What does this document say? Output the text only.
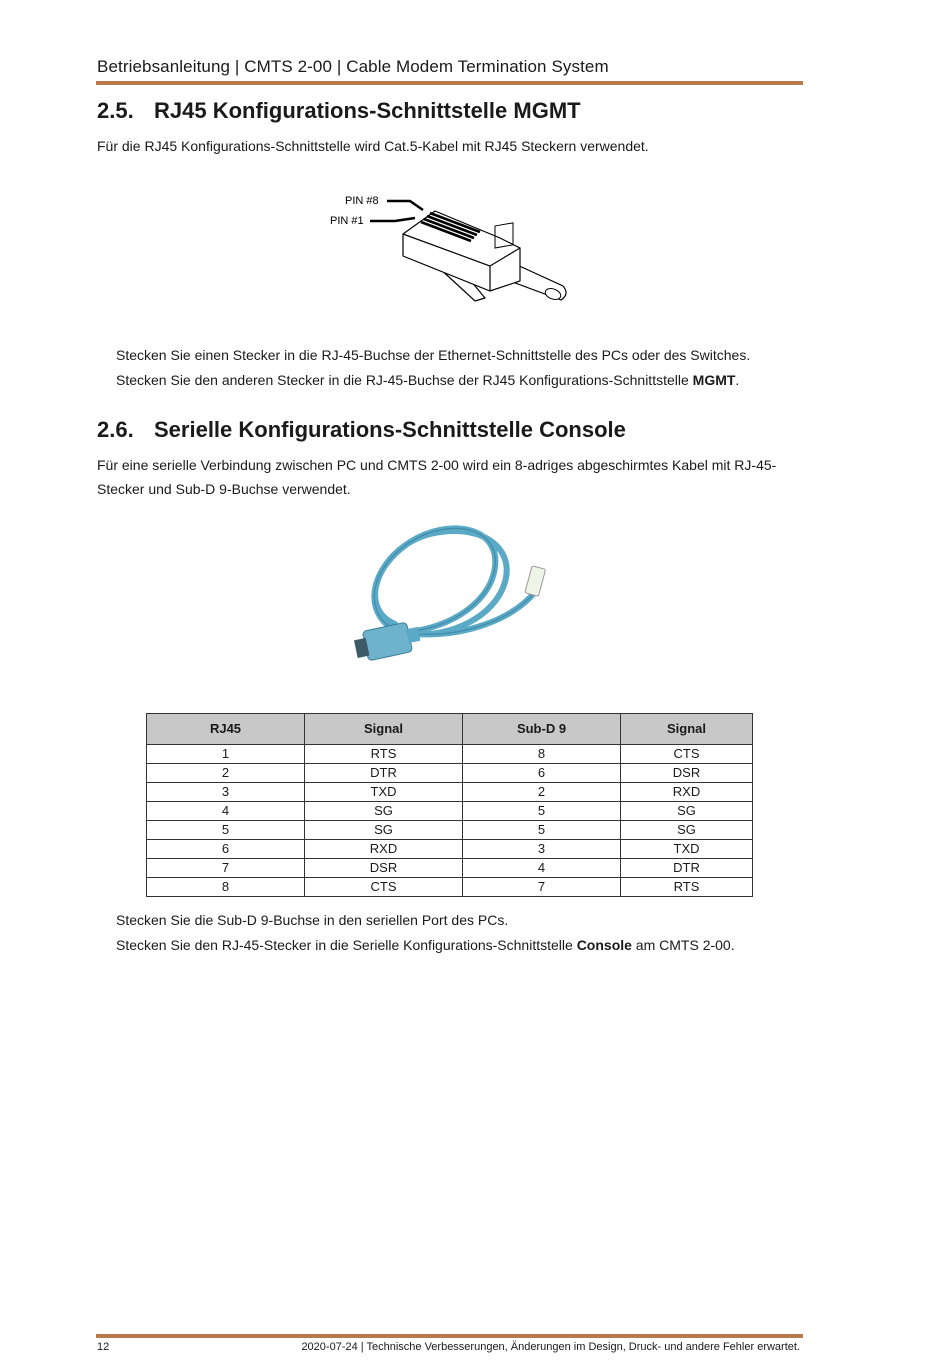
Betriebsanleitung | CMTS 2-00 | Cable Modem Termination System
2.5. RJ45 Konfigurations-Schnittstelle MGMT
Für die RJ45 Konfigurations-Schnittstelle wird Cat.5-Kabel mit RJ45 Steckern verwendet.
PIN #8
PIN #1
Stecken Sie einen Stecker in die RJ-45-Buchse der Ethernet-Schnittstelle des PCs oder des Switches.
Stecken Sie den anderen Stecker in die RJ-45-Buchse der RJ45 Konfigurations-Schnittstelle MGMT.
2.6. Serielle Konfigurations-Schnittstelle Console
Für eine serielle Verbindung zwischen PC und CMTS 2-00 wird ein 8-adriges abgeschirmtes Kabel mit RJ-45-
Stecker und Sub-D 9-Buchse verwendet.
RJ45	Signal	Sub-D 9	Signal
1	RTS	8	CTS
2	DTR	6	DSR
3	TXD	2	RXD
4	SG	5	SG
5	SG	5	SG
6	RXD	3	TXD
7	DSR	4	DTR
8	CTS	7	RTS
Stecken Sie die Sub-D 9-Buchse in den seriellen Port des PCs.
Stecken Sie den RJ-45-Stecker in die Serielle Konfigurations-Schnittstelle Console am CMTS 2-00.
12	2020-07-24 | Technische Verbesserungen, Änderungen im Design, Druck- und andere Fehler erwartet.
